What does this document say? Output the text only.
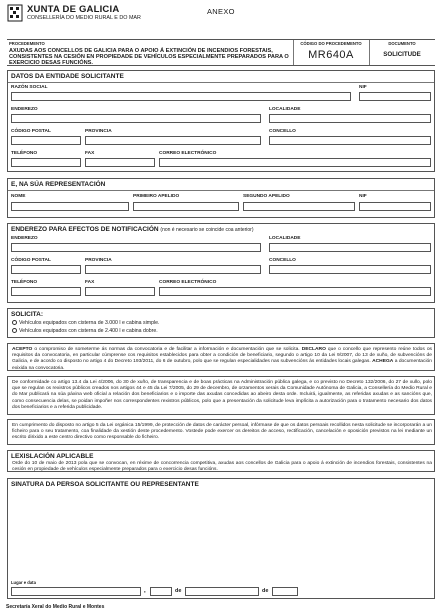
XUNTA DE GALICIA
CONSELLERÍA DO MEDIO RURAL E DO MAR
ANEXO
PROCEDEMENTO
AXUDAS AOS CONCELLOS DE GALICIA PARA O APOIO Á EXTINCIÓN DE INCENDIOS FORESTAIS, CONSISTENTES NA CESIÓN EN PROPIEDADE DE VEHÍCULOS ESPECIALMENTE PREPARADOS PARA O EXERCICIO DESAS FUNCIÓNS.
CÓDIGO DO PROCEDEMENTO
MR640A
DOCUMENTO
SOLICITUDE
DATOS DA ENTIDADE SOLICITANTE
RAZÓN SOCIAL	NIF
ENDEREZO	LOCALIDADE
CÓDIGO POSTAL	PROVINCIA	CONCELLO
TELÉFONO	FAX	CORREO ELECTRÓNICO
E, NA SÚA REPRESENTACIÓN
NOME	PRIMEIRO APELIDO	SEGUNDO APELIDO	NIF
ENDEREZO PARA EFECTOS DE NOTIFICACIÓN (non é necesario se coincide coa anterior)
ENDEREZO	LOCALIDADE
CÓDIGO POSTAL	PROVINCIA	CONCELLO
TELÉFONO	FAX	CORREO ELECTRÓNICO
SOLICITA:
Vehículos equipados con cisterna de 3.000 l e cabina simple.
Vehículos equipados con cisterna de 2.400 l e cabina dobre.
ACEPTO o compromiso de someterme ás normas da convocatoria e de facilitar a información e documentación que se solicita. DECLARO que o concello que represento reúne todos os requisitos da convocatoria, en particular cúmprense cos requisitos establecidos para obter a condición de beneficiario, segundo o artigo 10 da Lei 9/2007, do 13 de xuño, de subvencións de Galicia, e de acordo co disposto no artigo 4 do Decreto 193/2011, do 6 de outubro, polo que se regulan especialidades nas subvencións ás entidades locais galegas. ACHEGA a documentación exixida na convocatoria.
De conformidade co artigo 13.4 da Lei 4/2006, do 30 de xuño, de transparencia e de boas prácticas na Administración pública galega, e co previsto no Decreto 132/2006, do 27 de xullo, polo que se regulan os rexistros públicos creados nos artigos 44 e 45 da Lei 7/2005, do 29 de decembro, de orzamentos xerais da Comunidade Autónoma de Galicia, a Consellería do Medio Rural e do Mar publicará na súa páxina web oficial a relación dos beneficiarios e o importe das axudas concedidas ao abeiro desta orde. Incluirá, igualmente, as referidas axudas e as sancións que, como consecuencia delas, se poidan impoñer nos correspondentes rexistros públicos, polo que a presentación da solicitude leva implícita a autorización para o tratamento necesario dos datos dos beneficiarios e a referida publicidade.
En cumprimento do disposto no artigo 5 da Lei orgánica 15/1999, de protección de datos de carácter persoal, infórmase de que os datos persoais recollidos nesta solicitude se incorporarán a un ficheiro para o seu tratamento, coa finalidade da xestión deste procedemento. Vostede pode exercer os dereitos de acceso, rectificación, cancelación e oposición previstos na lei mediante un escrito dirixido a este centro directivo como responsable do ficheiro.
LEXISLACIÓN APLICABLE
Orde do 10 de maio de 2013 pola que se convocan, en réxime de concorrencia competitiva, axudas aos concellos de Galicia para o apoio á extinción de incendios forestais, consistentes na cesión en propiedade de vehículos especialmente preparados para o exercicio desas funcións.
SINATURA DA PERSOA SOLICITANTE OU REPRESENTANTE
Lugar e data
,	de	de
Secretaría Xeral do Medio Rural e Montes
